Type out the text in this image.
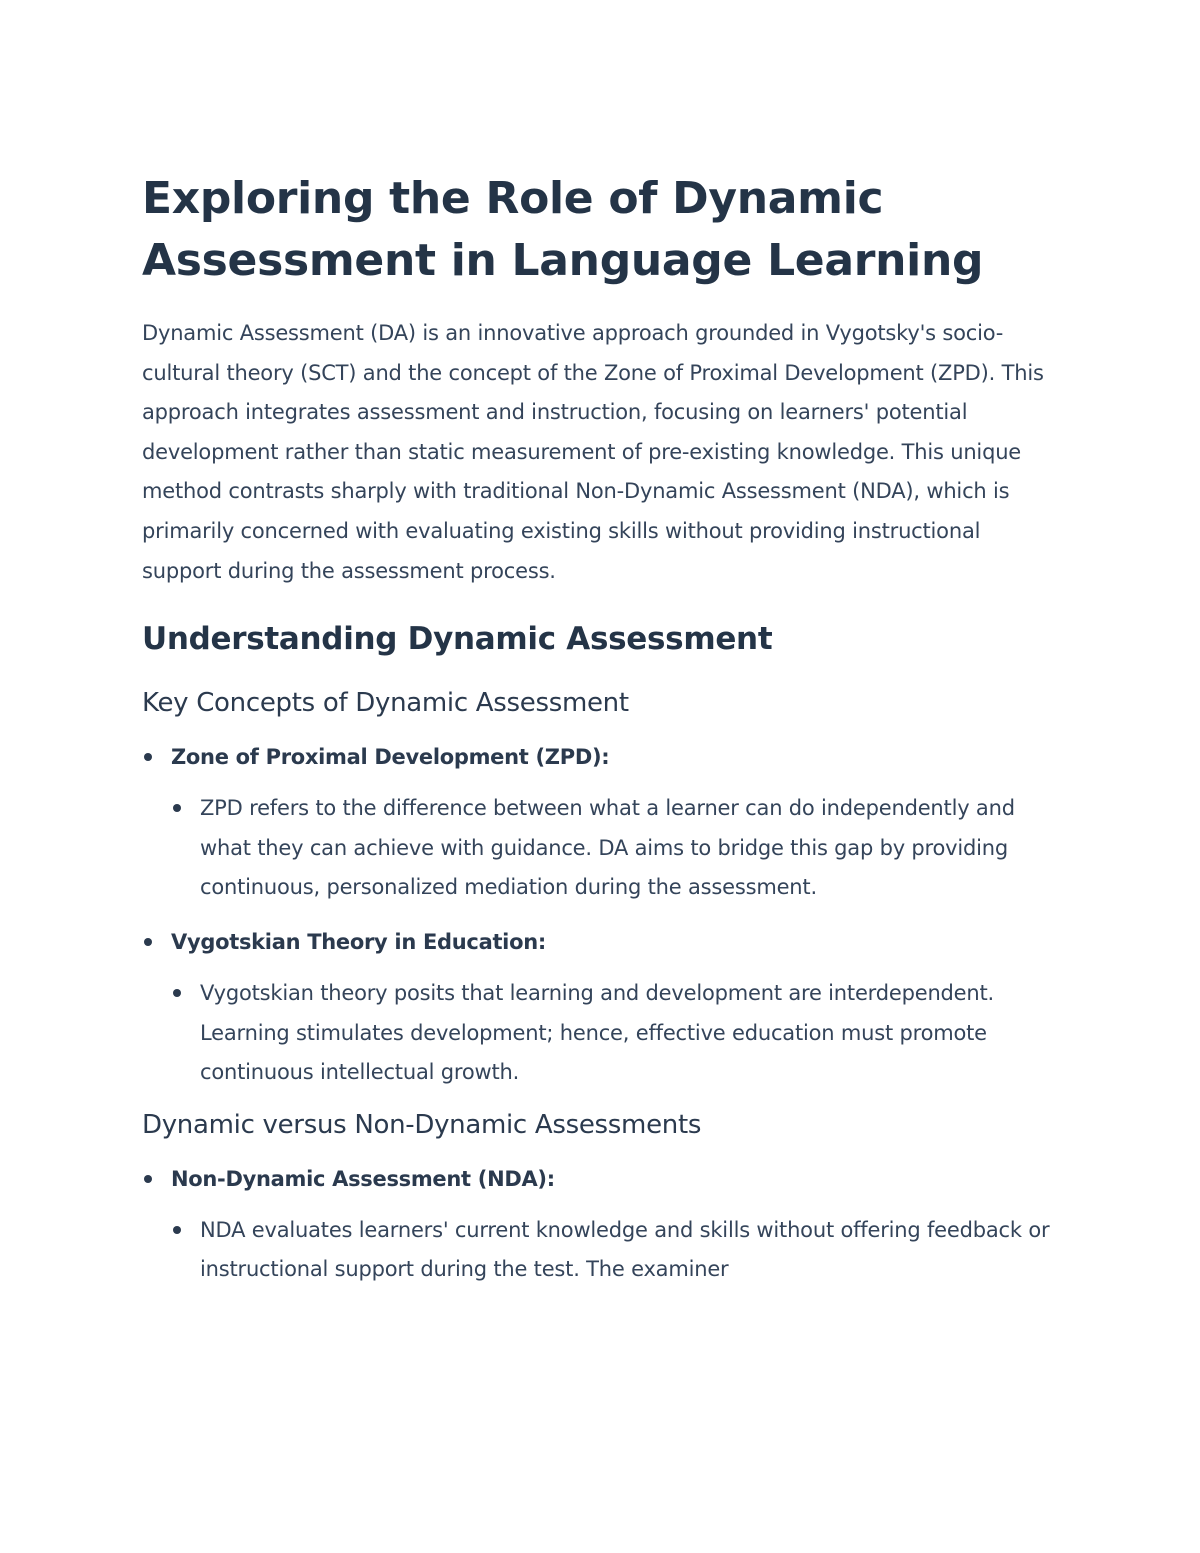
Exploring the Role of Dynamic Assessment in Language Learning

Dynamic Assessment (DA) is an innovative approach grounded in Vygotsky's socio-cultural theory (SCT) and the concept of the Zone of Proximal Development (ZPD). This approach integrates assessment and instruction, focusing on learners' potential development rather than static measurement of pre-existing knowledge. This unique method contrasts sharply with traditional Non-Dynamic Assessment (NDA), which is primarily concerned with evaluating existing skills without providing instructional support during the assessment process.

Understanding Dynamic Assessment
Key Concepts of Dynamic Assessment
Zone of Proximal Development (ZPD):
ZPD refers to the difference between what a learner can do independently and what they can achieve with guidance. DA aims to bridge this gap by providing continuous, personalized mediation during the assessment.
Vygotskian Theory in Education:
Vygotskian theory posits that learning and development are interdependent. Learning stimulates development; hence, effective education must promote continuous intellectual growth.
Dynamic versus Non-Dynamic Assessments
Non-Dynamic Assessment (NDA):
NDA evaluates learners' current knowledge and skills without offering feedback or instructional support during the test. The examiner
